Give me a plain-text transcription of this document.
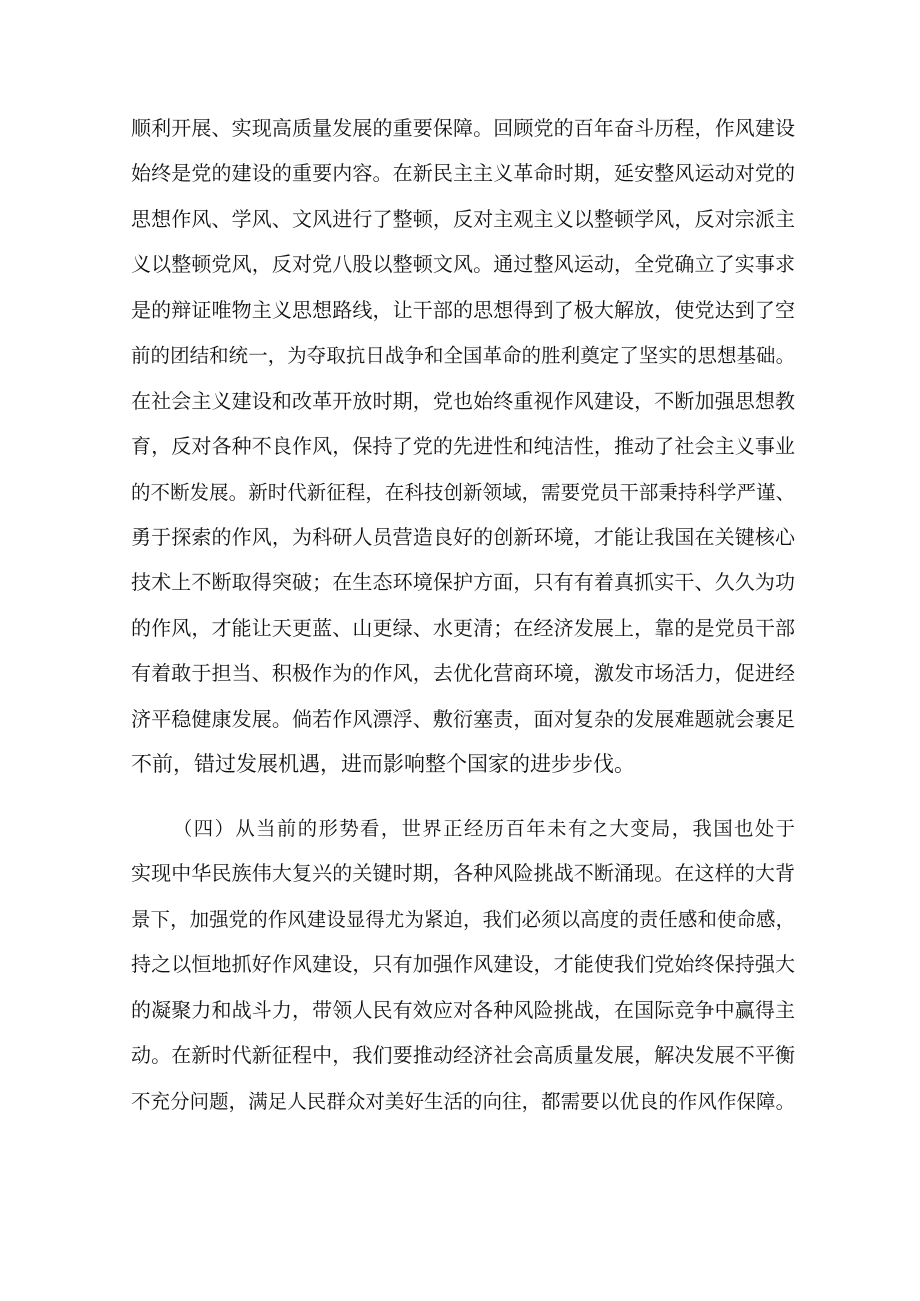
顺利开展、实现高质量发展的重要保障。回顾党的百年奋斗历程，作风建设
始终是党的建设的重要内容。在新民主主义革命时期，延安整风运动对党的
思想作风、学风、文风进行了整顿，反对主观主义以整顿学风，反对宗派主
义以整顿党风，反对党八股以整顿文风。通过整风运动，全党确立了实事求
是的辩证唯物主义思想路线，让干部的思想得到了极大解放，使党达到了空
前的团结和统一，为夺取抗日战争和全国革命的胜利奠定了坚实的思想基础。
在社会主义建设和改革开放时期，党也始终重视作风建设，不断加强思想教
育，反对各种不良作风，保持了党的先进性和纯洁性，推动了社会主义事业
的不断发展。新时代新征程，在科技创新领域，需要党员干部秉持科学严谨、
勇于探索的作风，为科研人员营造良好的创新环境，才能让我国在关键核心
技术上不断取得突破；在生态环境保护方面，只有有着真抓实干、久久为功
的作风，才能让天更蓝、山更绿、水更清；在经济发展上，靠的是党员干部
有着敢于担当、积极作为的作风，去优化营商环境，激发市场活力，促进经
济平稳健康发展。倘若作风漂浮、敷衍塞责，面对复杂的发展难题就会裹足
不前，错过发展机遇，进而影响整个国家的进步步伐。
（四）从当前的形势看，世界正经历百年未有之大变局，我国也处于
实现中华民族伟大复兴的关键时期，各种风险挑战不断涌现。在这样的大背
景下，加强党的作风建设显得尤为紧迫，我们必须以高度的责任感和使命感，
持之以恒地抓好作风建设，只有加强作风建设，才能使我们党始终保持强大
的凝聚力和战斗力，带领人民有效应对各种风险挑战，在国际竞争中赢得主
动。在新时代新征程中，我们要推动经济社会高质量发展，解决发展不平衡
不充分问题，满足人民群众对美好生活的向往，都需要以优良的作风作保障。
